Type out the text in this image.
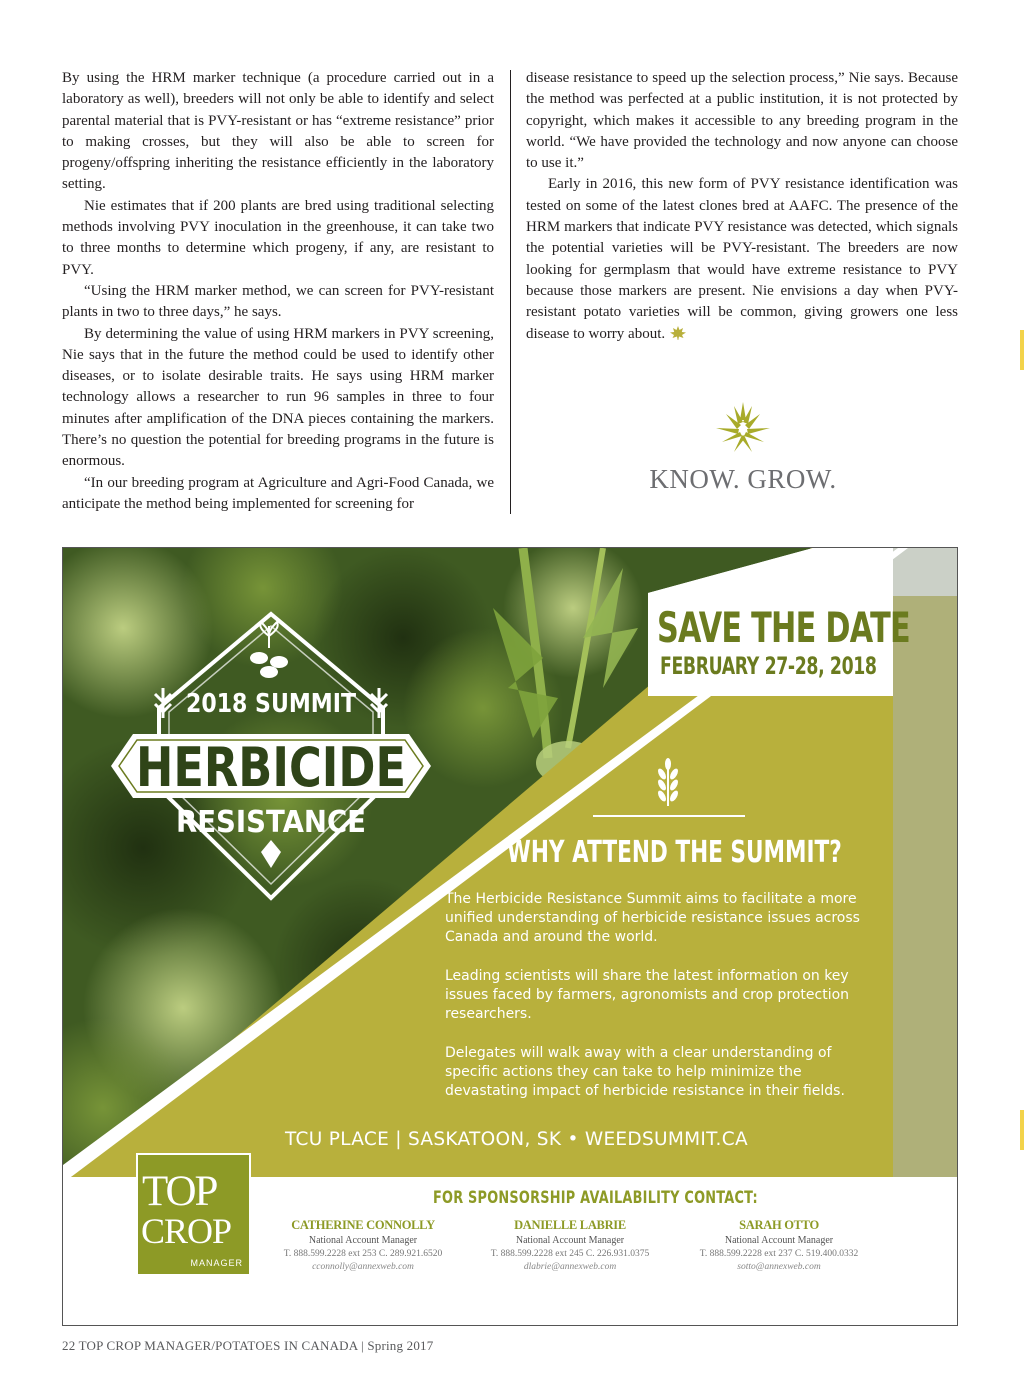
By using the HRM marker technique (a procedure carried out in a laboratory as well), breeders will not only be able to identify and select parental material that is PVY-resistant or has “extreme resistance” prior to making crosses, but they will also be able to screen for progeny/offspring inheriting the resistance efficiently in the laboratory setting.

Nie estimates that if 200 plants are bred using traditional selecting methods involving PVY inoculation in the greenhouse, it can take two to three months to determine which progeny, if any, are resistant to PVY.

“Using the HRM marker method, we can screen for PVY-resistant plants in two to three days,” he says.

By determining the value of using HRM markers in PVY screening, Nie says that in the future the method could be used to identify other diseases, or to isolate desirable traits. He says using HRM marker technology allows a researcher to run 96 samples in three to four minutes after amplification of the DNA pieces containing the markers. There’s no question the potential for breeding programs in the future is enormous.

“In our breeding program at Agriculture and Agri-Food Canada, we anticipate the method being implemented for screening for

disease resistance to speed up the selection process,” Nie says. Because the method was perfected at a public institution, it is not protected by copyright, which makes it accessible to any breeding program in the world. “We have provided the technology and now anyone can choose to use it.”

Early in 2016, this new form of PVY resistance identification was tested on some of the latest clones bred at AAFC. The presence of the HRM markers that indicate PVY resistance was detected, which signals the potential varieties will be PVY-resistant. The breeders are now looking for germplasm that would have extreme resistance to PVY because those markers are present. Nie envisions a day when PVY-resistant potato varieties will be common, giving growers one less disease to worry about.

KNOW. GROW.
2018 SUMMIT
HERBICIDE
RESISTANCE
SAVE THE DATE
FEBRUARY 27-28, 2018
WHY ATTEND THE SUMMIT?

The Herbicide Resistance Summit aims to facilitate a more unified understanding of herbicide resistance issues across Canada and around the world.

Leading scientists will share the latest information on key issues faced by farmers, agronomists and crop protection researchers.

Delegates will walk away with a clear understanding of specific actions they can take to help minimize the devastating impact of herbicide resistance in their fields.

TCU PLACE | SASKATOON, SK • WEEDSUMMIT.CA
TOP
CROP
MANAGER
FOR SPONSORSHIP AVAILABILITY CONTACT:
CATHERINE CONNOLLY
National Account Manager
T. 888.599.2228 ext 253 C. 289.921.6520
cconnolly@annexweb.com
DANIELLE LABRIE
National Account Manager
T. 888.599.2228 ext 245 C. 226.931.0375
dlabrie@annexweb.com
SARAH OTTO
National Account Manager
T. 888.599.2228 ext 237 C. 519.400.0332
sotto@annexweb.com
22 TOP CROP MANAGER/POTATOES IN CANADA | Spring 2017
